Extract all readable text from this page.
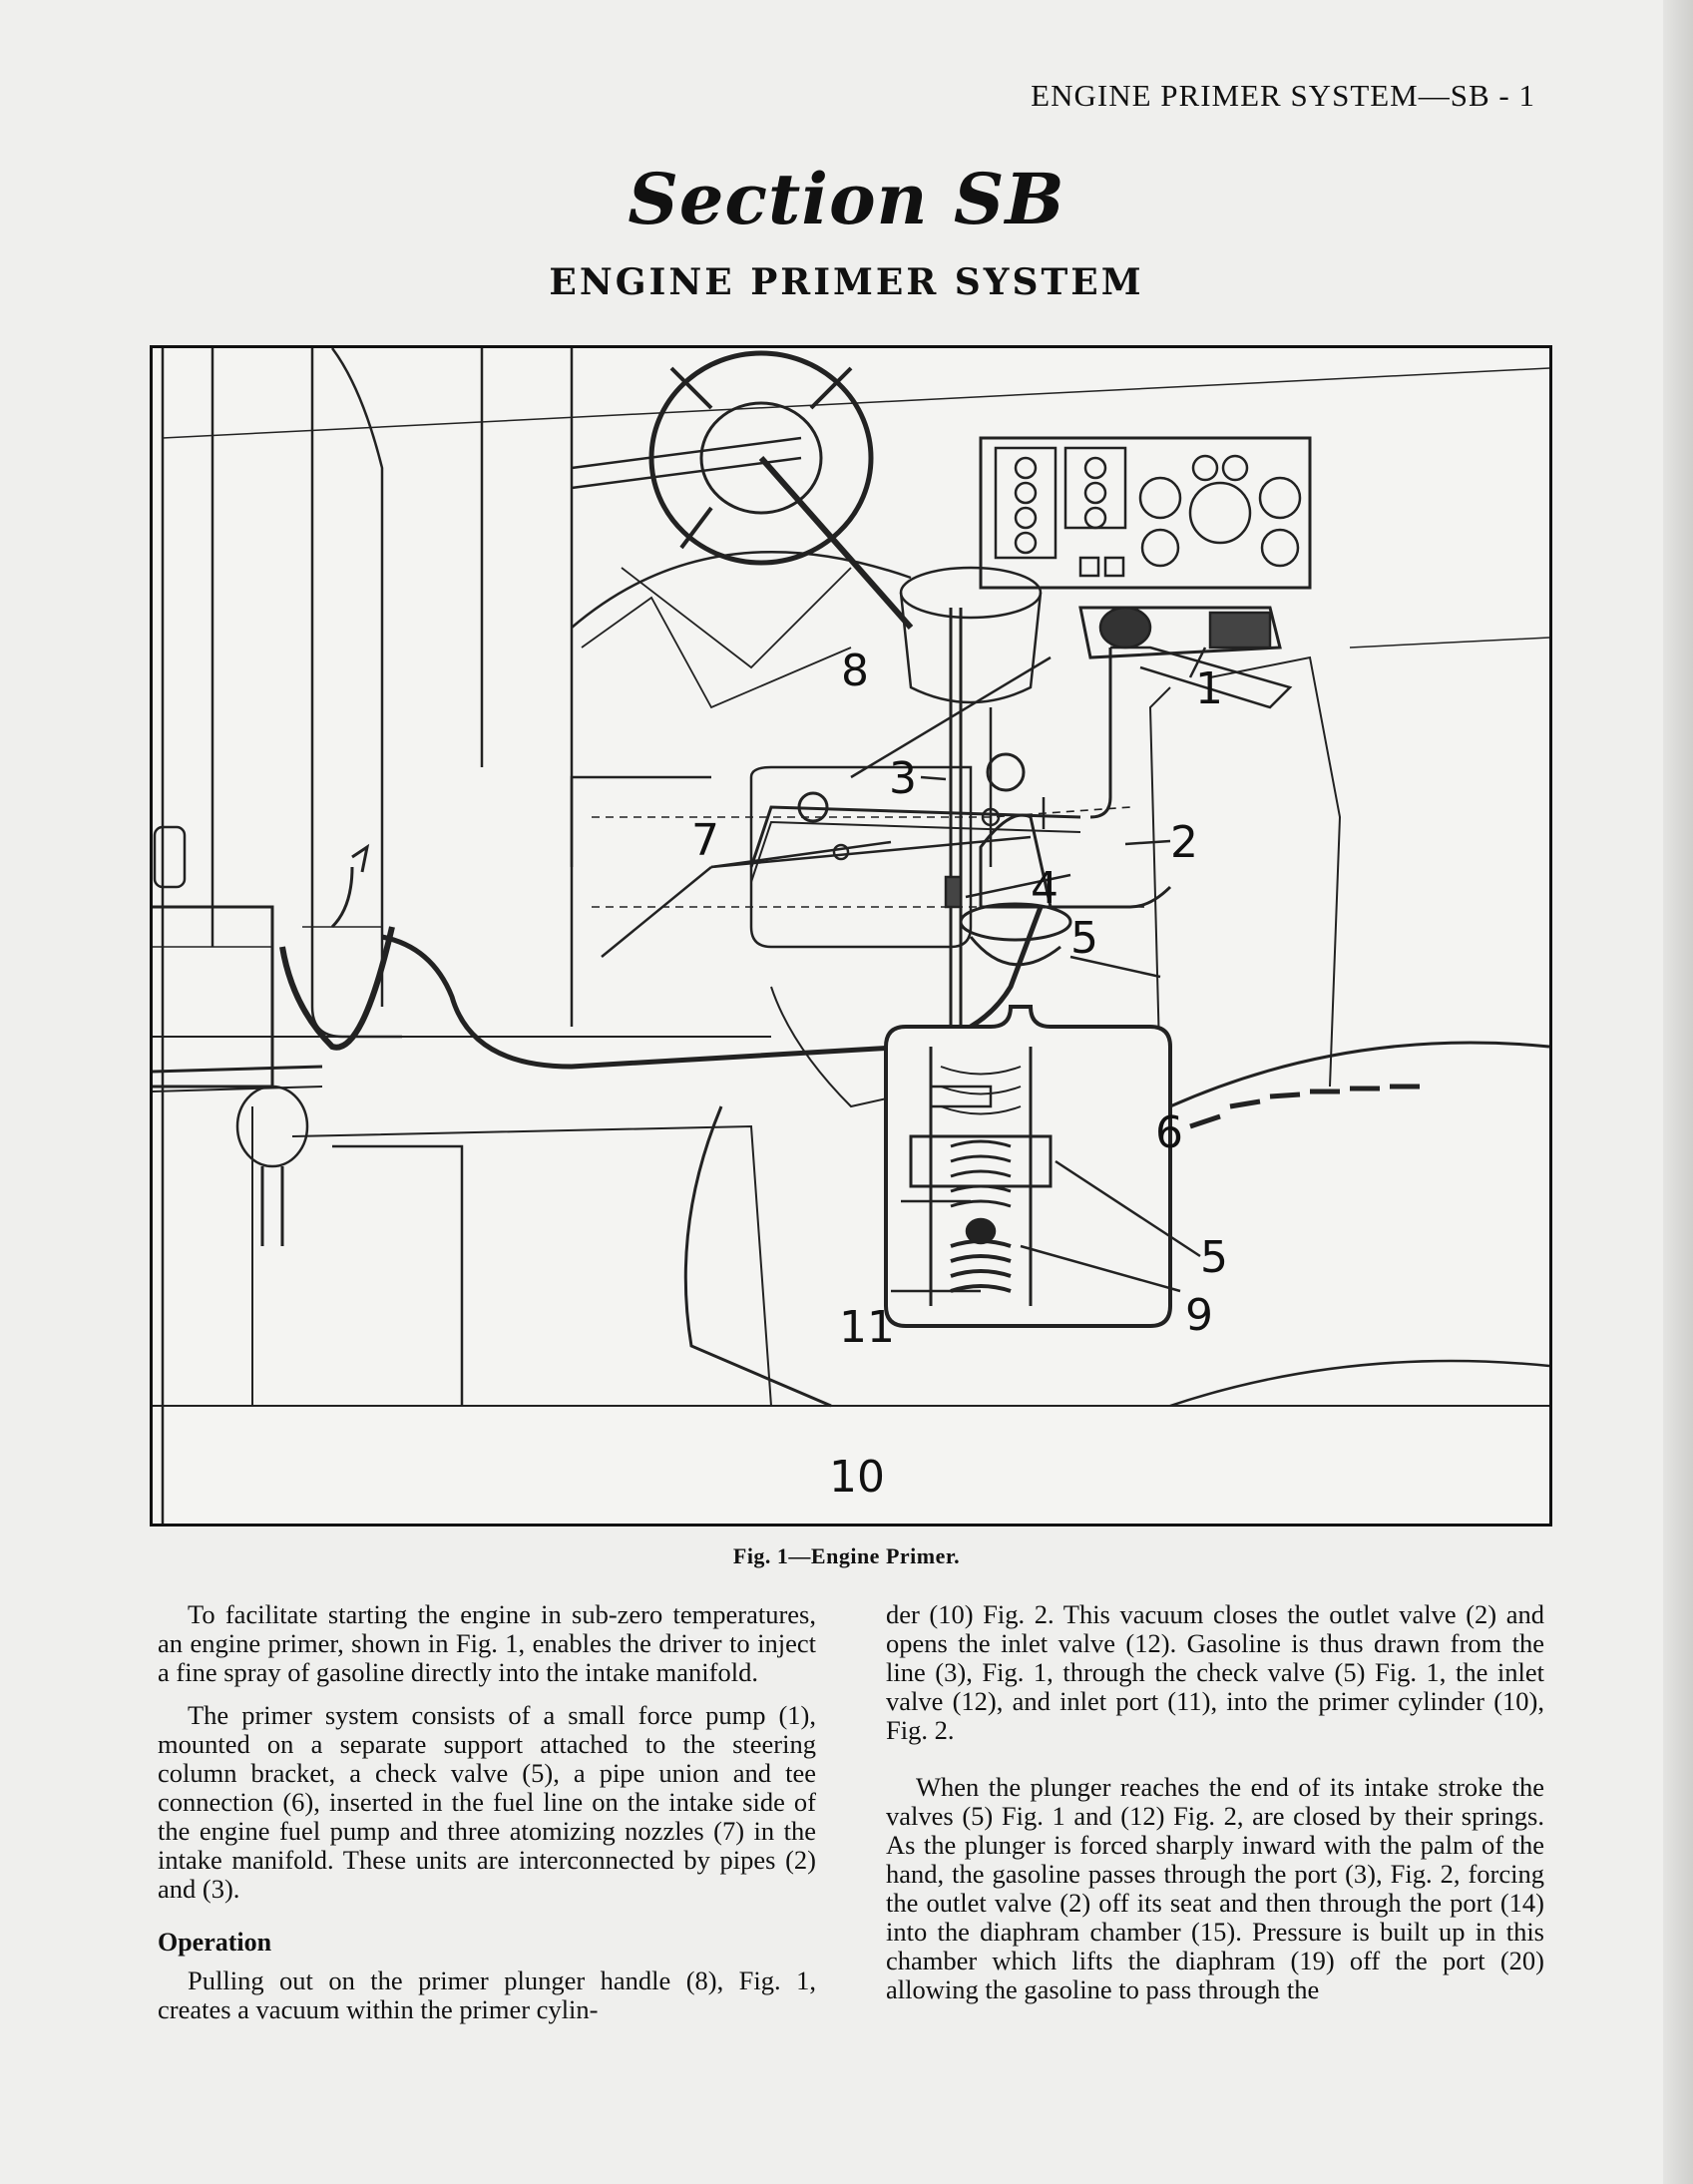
ENGINE PRIMER SYSTEM—SB - 1
Section SB
ENGINE PRIMER SYSTEM
1
2
3
4
5
6
7
8
5
9
10
11
Fig. 1—Engine Primer.

To facilitate starting the engine in sub-zero temperatures, an engine primer, shown in Fig. 1, enables the driver to inject a fine spray of gasoline directly into the intake manifold.

The primer system consists of a small force pump (1), mounted on a separate support attached to the steering column bracket, a check valve (5), a pipe union and tee connection (6), inserted in the fuel line on the intake side of the engine fuel pump and three atomizing nozzles (7) in the intake manifold. These units are interconnected by pipes (2) and (3).

Operation

Pulling out on the primer plunger handle (8), Fig. 1, creates a vacuum within the primer cylin-

der (10) Fig. 2. This vacuum closes the outlet valve (2) and opens the inlet valve (12). Gasoline is thus drawn from the line (3), Fig. 1, through the check valve (5) Fig. 1, the inlet valve (12), and inlet port (11), into the primer cylinder (10), Fig. 2.

When the plunger reaches the end of its intake stroke the valves (5) Fig. 1 and (12) Fig. 2, are closed by their springs. As the plunger is forced sharply inward with the palm of the hand, the gasoline passes through the port (3), Fig. 2, forcing the outlet valve (2) off its seat and then through the port (14) into the diaphram chamber (15). Pressure is built up in this chamber which lifts the diaphram (19) off the port (20) allowing the gasoline to pass through the
